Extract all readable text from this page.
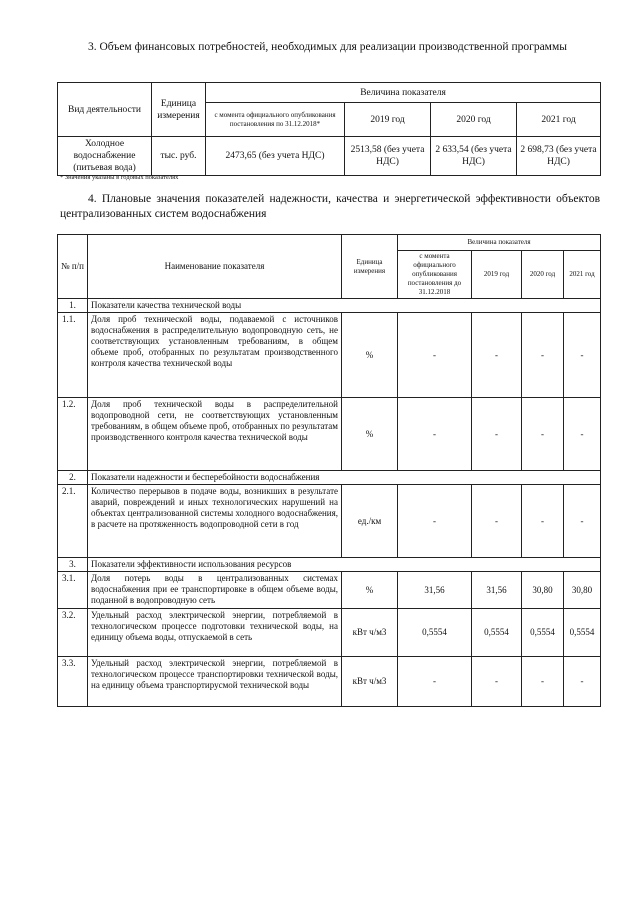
3. Объем финансовых потребностей, необходимых для реализации производственной программы
Вид деятельности	Единица измерения	Величина показателя			
		с момента официального опубликования постановления по 31.12.2018*	2019 год	2020 год	2021 год
Холодное водоснабжение (питьевая вода)	тыс. руб.	2473,65 (без учета НДС)	2513,58 (без учета НДС)	2 633,54 (без учета НДС)	2 698,73 (без учета НДС)
* Значения указаны в годовых показателях
4. Плановые значения показателей надежности, качества и энергетической эффективности объектов централизованных систем водоснабжения
№ п/п	Наименование показателя	Единица измерения	Величина показателя			
			с момента официального опубликования постановления до 31.12.2018	2019 год	2020 год	2021 год
1.	Показатели качества технической воды					
1.1.	Доля проб технической воды, подаваемой с источников водоснабжения в распределительную водопроводную сеть, не соответствующих установленным требованиям, в общем объеме проб, отобранных по результатам производственного контроля качества технической воды	%	-	-	-	-
1.2.	Доля проб технической воды в распределительной водопроводной сети, не соответствующих установленным требованиям, в общем объеме проб, отобранных по результатам производственного контроля качества технической воды	%	-	-	-	-
2.	Показатели надежности и бесперебойности водоснабжения					
2.1.	Количество перерывов в подаче воды, возникших в результате аварий, повреждений и иных технологических нарушений на объектах централизованной системы холодного водоснабжения, в расчете на протяженность водопроводной сети в год	ед./км	-	-	-	-
3.	Показатели эффективности использования ресурсов					
3.1.	Доля потерь воды в централизованных системах водоснабжения при ее транспортировке в общем объеме воды, поданной в водопроводную сеть	%	31,56	31,56	30,80	30,80
3.2.	Удельный расход электрической энергии, потребляемой в технологическом процессе подготовки технической воды, на единицу объема воды, отпускаемой в сеть	кВт ч/м3	0,5554	0,5554	0,5554	0,5554
3.3.	Удельный расход электрической энергии, потребляемой в технологическом процессе транспортировки технической воды, на единицу объема транспортирусмой технической воды	кВт ч/м3	-	-	-	-
